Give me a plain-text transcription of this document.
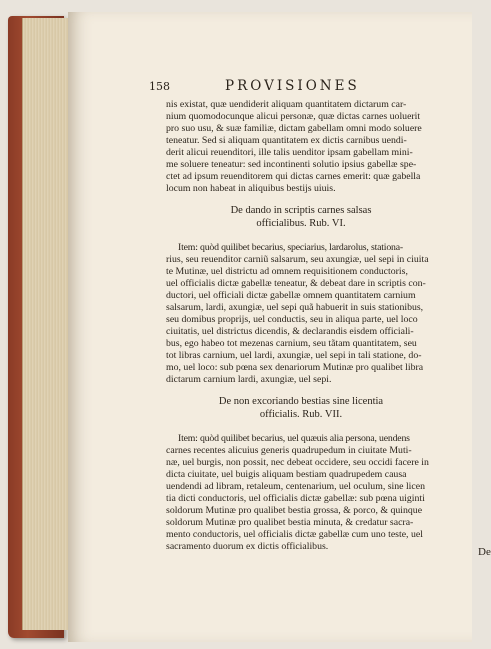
158	PROVISIONES
nis existat, quæ uendiderit aliquam quantitatem dictarum car-
nium quomodocunque alicui personæ, quæ dictas carnes uoluerit
pro suo usu, & suæ familiæ, dictam gabellam omni modo soluere
teneatur. Sed si aliquam quantitatem ex dictis carnibus uendi-
derit alicui reuenditori, ille talis uenditor ipsam gabellam mini-
me soluere teneatur: sed incontinenti solutio ipsius gabellæ spe-
ctet ad ipsum reuenditorem qui dictas carnes emerit: quæ gabella
locum non habeat in aliquibus bestijs uiuis.
De dando in scriptis carnes salsas
officialibus. Rub. VI.
Item: quòd quilibet becarius, speciarius, lardarolus, stationa-
rius, seu reuenditor carniũ salsarum, seu axungiæ, uel sepi in ciuita
te Mutinæ, uel districtu ad omnem requisitionem conductoris,
uel officialis dictæ gabellæ teneatur, & debeat dare in scriptis con-
ductori, uel officiali dictæ gabellæ omnem quantitatem carnium
salsarum, lardi, axungiæ, uel sepi quã habuerit in suis stationibus,
seu domibus proprijs, uel conductis, seu in aliqua parte, uel loco
ciuitatis, uel districtus dicendis, & declarandis eisdem officiali-
bus, ego habeo tot mezenas carnium, seu tãtam quantitatem, seu
tot libras carnium, uel lardi, axungiæ, uel sepi in tali statione, do-
mo, uel loco: sub pœna sex denariorum Mutinæ pro qualibet libra
dictarum carnium lardi, axungiæ, uel sepi.
De non excoriando bestias sine licentia
officialis. Rub. VII.
Item: quòd quilibet becarius, uel quæuis alia persona, uendens
carnes recentes alicuius generis quadrupedum in ciuitate Muti-
næ, uel burgis, non possit, nec debeat occidere, seu occidi facere in
dicta ciuitate, uel buigis aliquam bestiam quadrupedem causa
uendendi ad libram, retaleum, centenarium, uel oculum, sine licen
tia dicti conductoris, uel officialis dictæ gabellæ: sub pœna uiginti
soldorum Mutinæ pro qualibet bestia grossa, & porco, & quinque
soldorum Mutinæ pro qualibet bestia minuta, & credatur sacra-
mento conductoris, uel officialis dictæ gabellæ cum uno teste, uel
sacramento duorum ex dictis officialibus.	De
